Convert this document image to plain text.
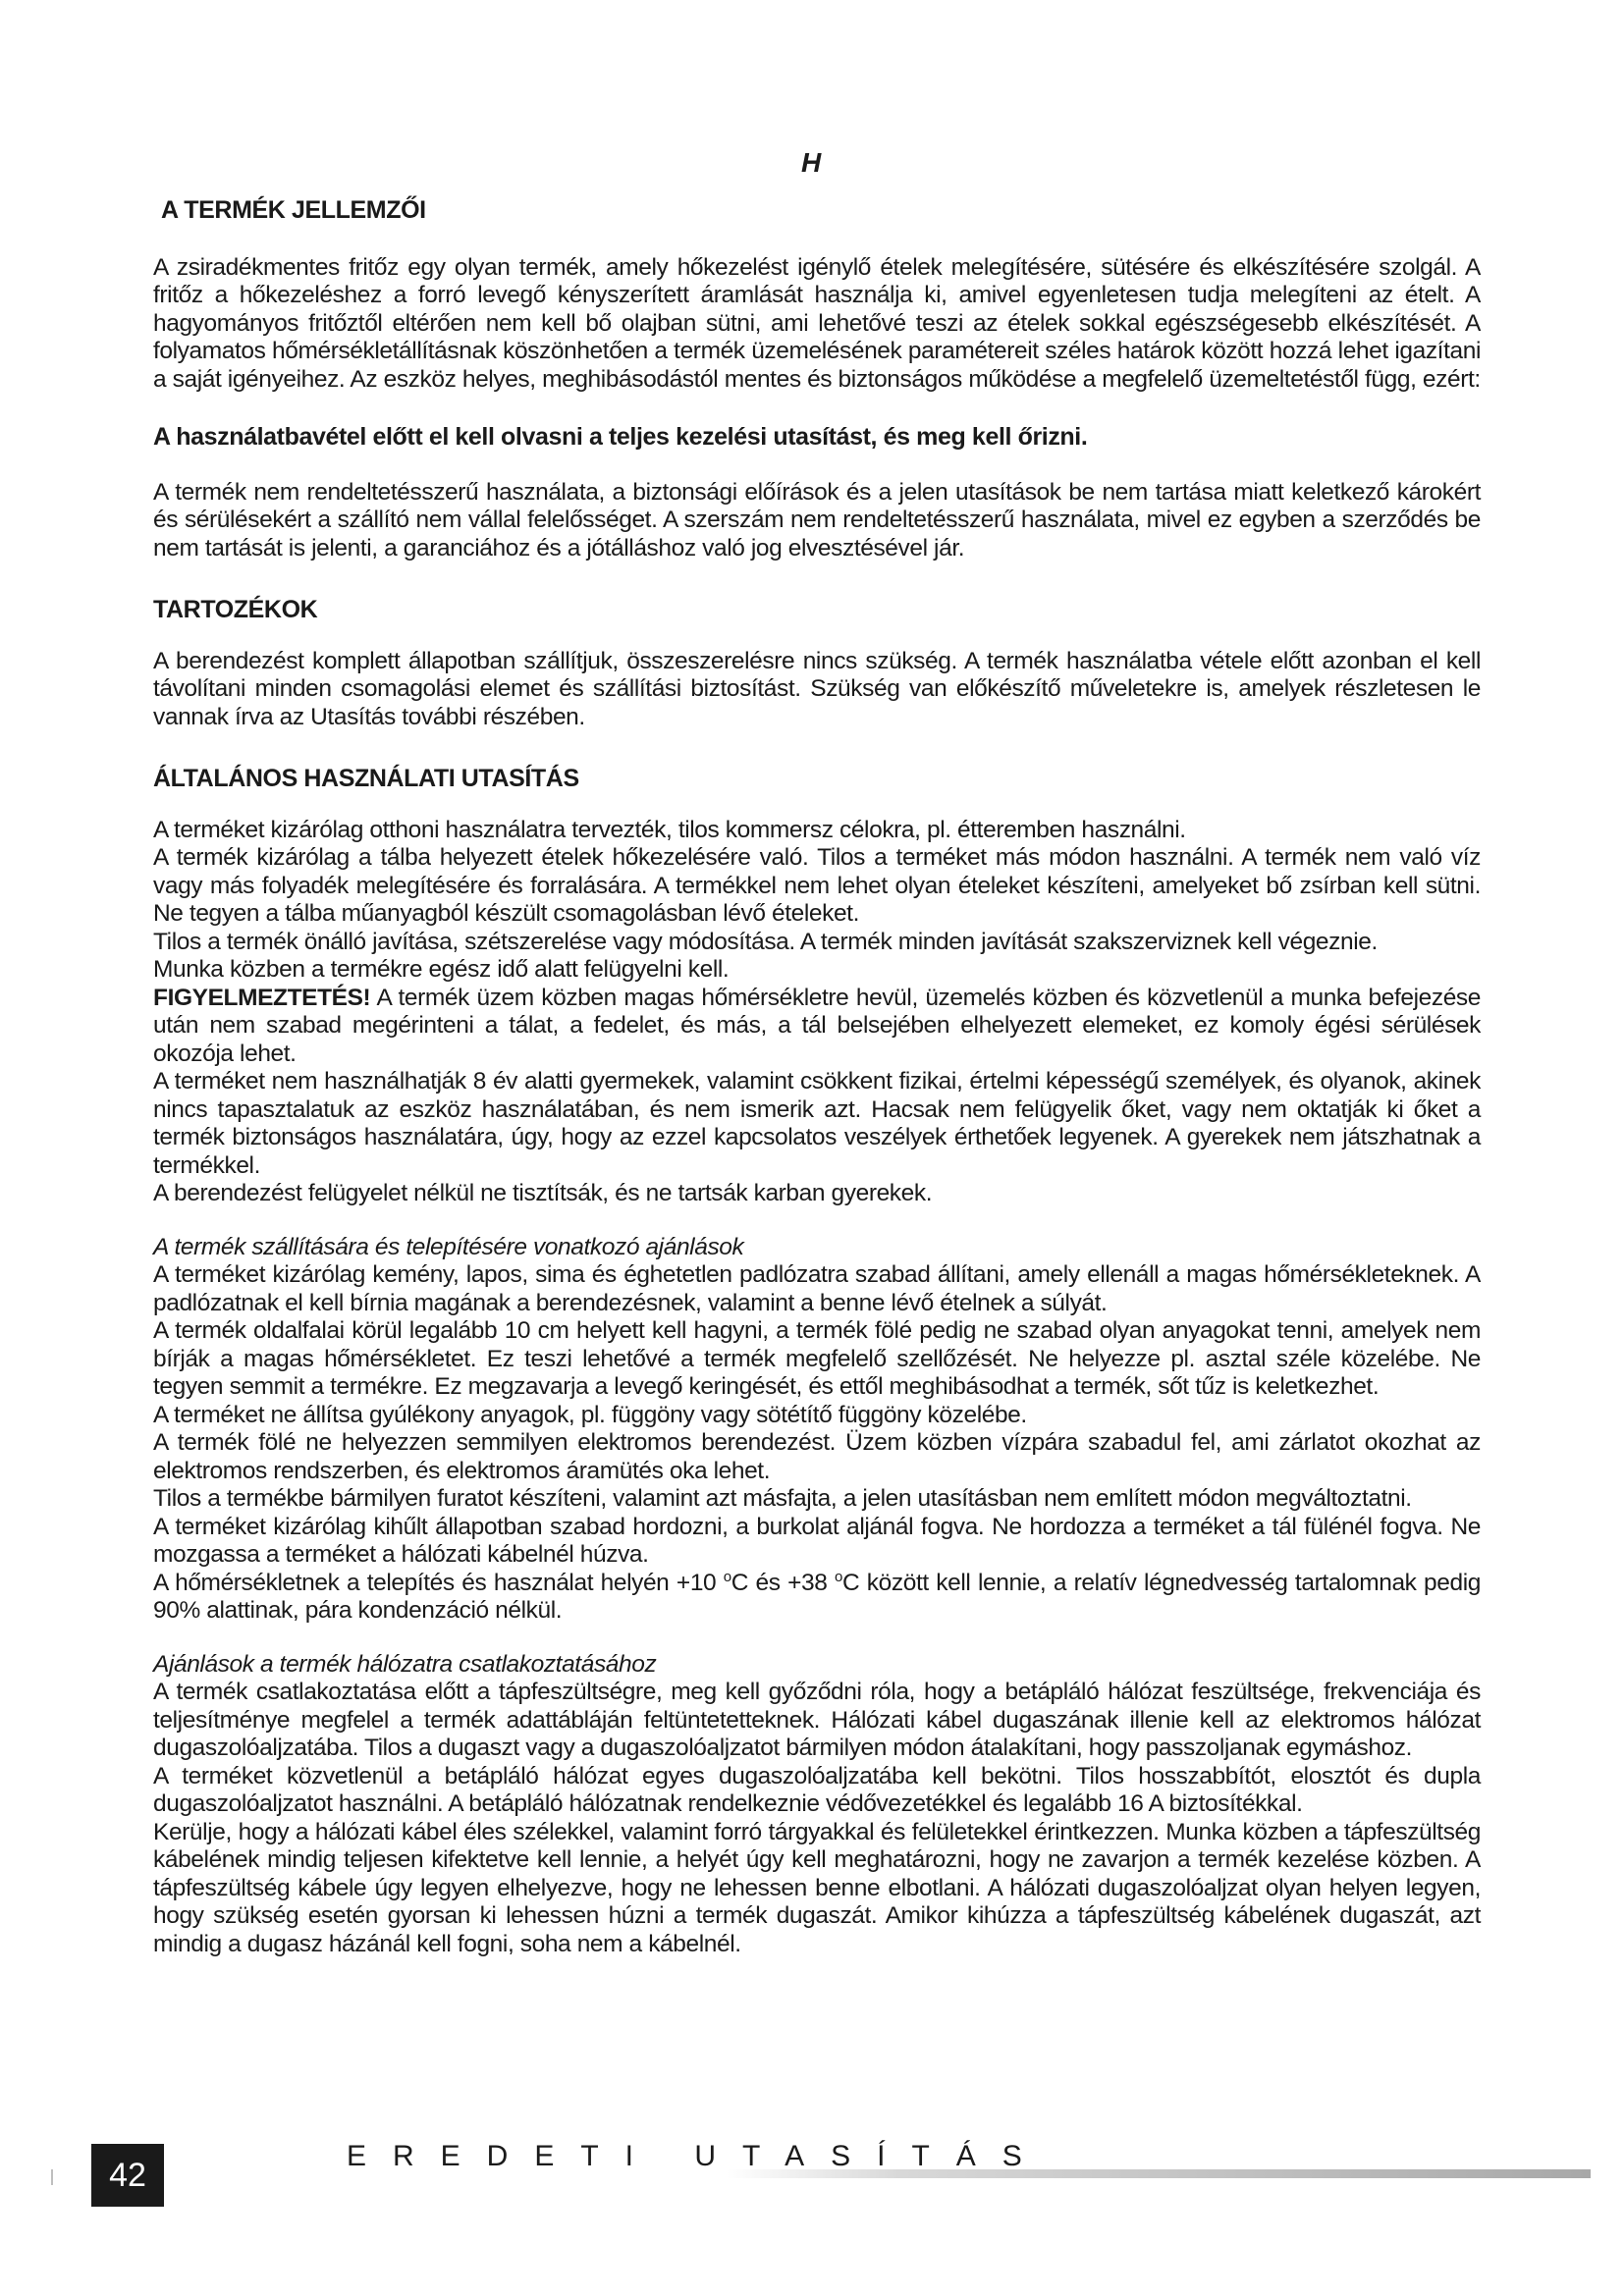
H
A TERMÉK JELLEMZŐI

A zsiradékmentes fritőz egy olyan termék, amely hőkezelést igénylő ételek melegítésére, sütésére és elkészítésére szolgál. A fritőz a hőkezeléshez a forró levegő kényszerített áramlását használja ki, amivel egyenletesen tudja melegíteni az ételt. A hagyományos fritőztől eltérően nem kell bő olajban sütni, ami lehetővé teszi az ételek sokkal egészségesebb elkészítését. A folyamatos hőmérsékletállításnak köszönhetően a termék üzemelésének paramétereit széles határok között hozzá lehet igazítani a saját igényeihez. Az eszköz helyes, meghibásodástól mentes és biztonságos működése a megfelelő üzemeltetéstől függ, ezért:

A használatbavétel előtt el kell olvasni a teljes kezelési utasítást, és meg kell őrizni.

A termék nem rendeltetésszerű használata, a biztonsági előírások és a jelen utasítások be nem tartása miatt keletkező károkért és sérülésekért a szállító nem vállal felelősséget. A szerszám nem rendeltetésszerű használata, mivel ez egyben a szerződés be nem tartását is jelenti, a garanciához és a jótálláshoz való jog elvesztésével jár.

TARTOZÉKOK

A berendezést komplett állapotban szállítjuk, összeszerelésre nincs szükség. A termék használatba vétele előtt azonban el kell távolítani minden csomagolási elemet és szállítási biztosítást. Szükség van előkészítő műveletekre is, amelyek részletesen le vannak írva az Utasítás további részében.

ÁLTALÁNOS HASZNÁLATI UTASÍTÁS

A terméket kizárólag otthoni használatra tervezték, tilos kommersz célokra, pl. étteremben használni.

A termék kizárólag a tálba helyezett ételek hőkezelésére való. Tilos a terméket más módon használni. A termék nem való víz vagy más folyadék melegítésére és forralására. A termékkel nem lehet olyan ételeket készíteni, amelyeket bő zsírban kell sütni. Ne tegyen a tálba műanyagból készült csomagolásban lévő ételeket.

Tilos a termék önálló javítása, szétszerelése vagy módosítása. A termék minden javítását szakszerviznek kell végeznie.

Munka közben a termékre egész idő alatt felügyelni kell.

FIGYELMEZTETÉS! A termék üzem közben magas hőmérsékletre hevül, üzemelés közben és közvetlenül a munka befejezése után nem szabad megérinteni a tálat, a fedelet, és más, a tál belsejében elhelyezett elemeket, ez komoly égési sérülések okozója lehet.

A terméket nem használhatják 8 év alatti gyermekek, valamint csökkent fizikai, értelmi képességű személyek, és olyanok, akinek nincs tapasztalatuk az eszköz használatában, és nem ismerik azt. Hacsak nem felügyelik őket, vagy nem oktatják ki őket a termék biztonságos használatára, úgy, hogy az ezzel kapcsolatos veszélyek érthetőek legyenek. A gyerekek nem játszhatnak a termékkel.

A berendezést felügyelet nélkül ne tisztítsák, és ne tartsák karban gyerekek.

A termék szállítására és telepítésére vonatkozó ajánlások

A terméket kizárólag kemény, lapos, sima és éghetetlen padlózatra szabad állítani, amely ellenáll a magas hőmérsékleteknek. A padlózatnak el kell bírnia magának a berendezésnek, valamint a benne lévő ételnek a súlyát.

A termék oldalfalai körül legalább 10 cm helyett kell hagyni, a termék fölé pedig ne szabad olyan anyagokat tenni, amelyek nem bírják a magas hőmérsékletet. Ez teszi lehetővé a termék megfelelő szellőzését. Ne helyezze pl. asztal széle közelébe. Ne tegyen semmit a termékre. Ez megzavarja a levegő keringését, és ettől meghibásodhat a termék, sőt tűz is keletkezhet.

A terméket ne állítsa gyúlékony anyagok, pl. függöny vagy sötétítő függöny közelébe.

A termék fölé ne helyezzen semmilyen elektromos berendezést. Üzem közben vízpára szabadul fel, ami zárlatot okozhat az elektromos rendszerben, és elektromos áramütés oka lehet.

Tilos a termékbe bármilyen furatot készíteni, valamint azt másfajta, a jelen utasításban nem említett módon megváltoztatni.

A terméket kizárólag kihűlt állapotban szabad hordozni, a burkolat aljánál fogva. Ne hordozza a terméket a tál fülénél fogva. Ne mozgassa a terméket a hálózati kábelnél húzva.

A hőmérsékletnek a telepítés és használat helyén +10 $^o$C és +38 $^o$C között kell lennie, a relatív légnedvesség tartalomnak pedig 90% alattinak, pára kondenzáció nélkül.

Ajánlások a termék hálózatra csatlakoztatásához

A termék csatlakoztatása előtt a tápfeszültségre, meg kell győződni róla, hogy a betápláló hálózat feszültsége, frekvenciája és teljesítménye megfelel a termék adattábláján feltüntetetteknek. Hálózati kábel dugaszának illenie kell az elektromos hálózat dugaszolóaljzatába. Tilos a dugaszt vagy a dugaszolóaljzatot bármilyen módon átalakítani, hogy passzoljanak egymáshoz.

A terméket közvetlenül a betápláló hálózat egyes dugaszolóaljzatába kell bekötni. Tilos hosszabbítót, elosztót és dupla dugaszolóaljzatot használni. A betápláló hálózatnak rendelkeznie védővezetékkel és legalább 16 A biztosítékkal.

Kerülje, hogy a hálózati kábel éles szélekkel, valamint forró tárgyakkal és felületekkel érintkezzen. Munka közben a tápfeszültség kábelének mindig teljesen kifektetve kell lennie, a helyét úgy kell meghatározni, hogy ne zavarjon a termék kezelése közben. A tápfeszültség kábele úgy legyen elhelyezve, hogy ne lehessen benne elbotlani. A hálózati dugaszolóaljzat olyan helyen legyen, hogy szükség esetén gyorsan ki lehessen húzni a termék dugaszát. Amikor kihúzza a tápfeszültség kábelének dugaszát, azt mindig a dugasz házánál kell fogni, soha nem a kábelnél.

42	EREDETI UTASÍTÁS
